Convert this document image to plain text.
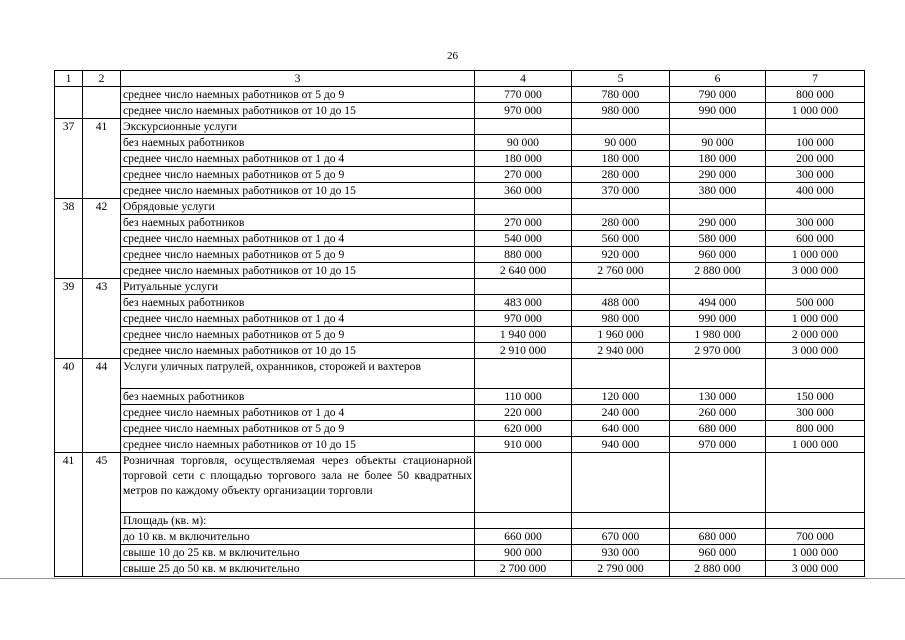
26
1	2	3	4	5	6	7
		среднее число наемных работников от 5 до 9	770 000	780 000	790 000	800 000
		среднее число наемных работников от 10 до 15	970 000	980 000	990 000	1 000 000
37	41	Экскурсионные услуги				
		без наемных работников	90 000	90 000	90 000	100 000
		среднее число наемных работников от 1 до 4	180 000	180 000	180 000	200 000
		среднее число наемных работников от 5 до 9	270 000	280 000	290 000	300 000
		среднее число наемных работников от 10 до 15	360 000	370 000	380 000	400 000
38	42	Обрядовые услуги				
		без наемных работников	270 000	280 000	290 000	300 000
		среднее число наемных работников от 1 до 4	540 000	560 000	580 000	600 000
		среднее число наемных работников от 5 до 9	880 000	920 000	960 000	1 000 000
		среднее число наемных работников от 10 до 15	2 640 000	2 760 000	2 880 000	3 000 000
39	43	Ритуальные услуги				
		без наемных работников	483 000	488 000	494 000	500 000
		среднее число наемных работников от 1 до 4	970 000	980 000	990 000	1 000 000
		среднее число наемных работников от 5 до 9	1 940 000	1 960 000	1 980 000	2 000 000
		среднее число наемных работников от 10 до 15	2 910 000	2 940 000	2 970 000	3 000 000
40	44	Услуги уличных патрулей, охранников, сторожей и вахтеров				
		без наемных работников	110 000	120 000	130 000	150 000
		среднее число наемных работников от 1 до 4	220 000	240 000	260 000	300 000
		среднее число наемных работников от 5 до 9	620 000	640 000	680 000	800 000
		среднее число наемных работников от 10 до 15	910 000	940 000	970 000	1 000 000
41	45	Розничная торговля, осуществляемая через объекты стационарной торговой сети с площадью торгового зала не более 50 квадратных метров по каждому объекту организации торговли				
		Площадь (кв. м):				
		до 10 кв. м включительно	660 000	670 000	680 000	700 000
		свыше 10 до 25 кв. м включительно	900 000	930 000	960 000	1 000 000
		свыше 25 до 50 кв. м включительно	2 700 000	2 790 000	2 880 000	3 000 000
